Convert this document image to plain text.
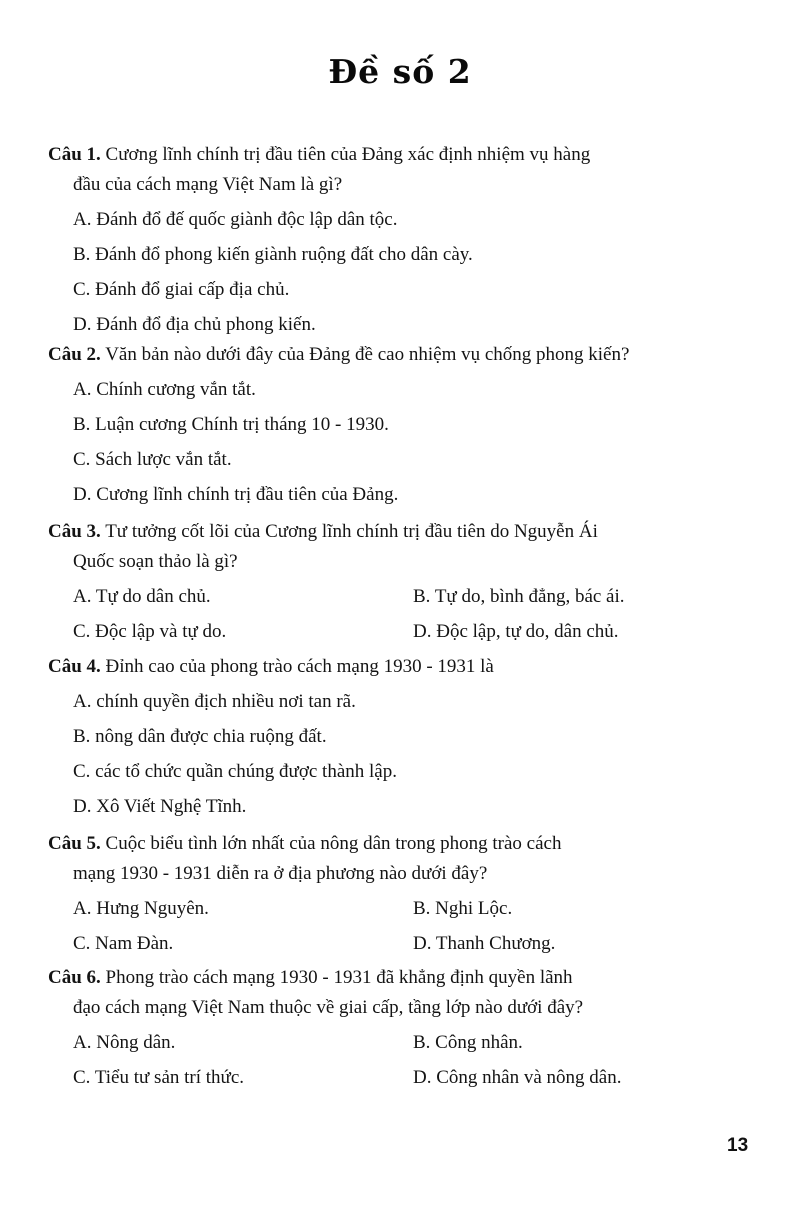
Đề số 2
Câu 1. Cương lĩnh chính trị đầu tiên của Đảng xác định nhiệm vụ hàng
đầu của cách mạng Việt Nam là gì?
A. Đánh đổ đế quốc giành độc lập dân tộc.
B. Đánh đổ phong kiến giành ruộng đất cho dân cày.
C. Đánh đổ giai cấp địa chủ.
D. Đánh đổ địa chủ phong kiến.
Câu 2. Văn bản nào dưới đây của Đảng đề cao nhiệm vụ chống phong kiến?
A. Chính cương vắn tắt.
B. Luận cương Chính trị tháng 10 - 1930.
C. Sách lược vắn tắt.
D. Cương lĩnh chính trị đầu tiên của Đảng.
Câu 3. Tư tưởng cốt lõi của Cương lĩnh chính trị đầu tiên do Nguyễn Ái
Quốc soạn thảo là gì?
A. Tự do dân chủ.	B. Tự do, bình đẳng, bác ái.
C. Độc lập và tự do.	D. Độc lập, tự do, dân chủ.
Câu 4. Đỉnh cao của phong trào cách mạng 1930 - 1931 là
A. chính quyền địch nhiều nơi tan rã.
B. nông dân được chia ruộng đất.
C. các tổ chức quần chúng được thành lập.
D. Xô Viết Nghệ Tĩnh.
Câu 5. Cuộc biểu tình lớn nhất của nông dân trong phong trào cách
mạng 1930 - 1931 diễn ra ở địa phương nào dưới đây?
A. Hưng Nguyên.	B. Nghi Lộc.
C. Nam Đàn.	D. Thanh Chương.
Câu 6. Phong trào cách mạng 1930 - 1931 đã khẳng định quyền lãnh
đạo cách mạng Việt Nam thuộc về giai cấp, tầng lớp nào dưới đây?
A. Nông dân.	B. Công nhân.
C. Tiểu tư sản trí thức.	D. Công nhân và nông dân.
13
